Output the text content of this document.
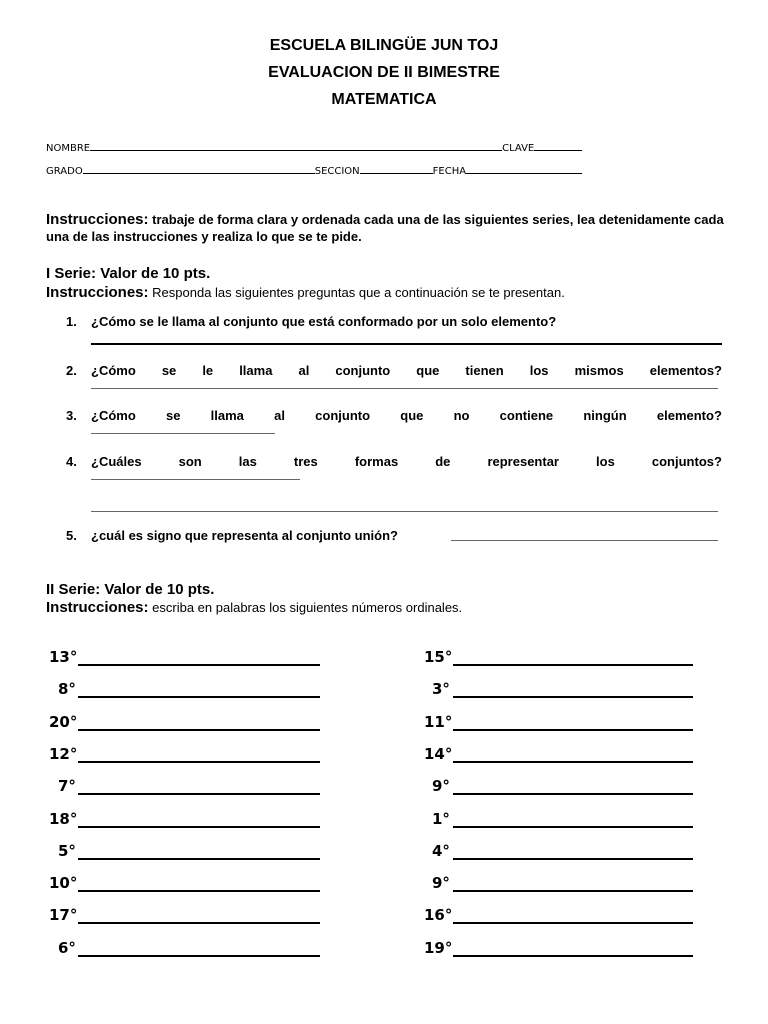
ESCUELA BILINGÜE JUN TOJ
EVALUACION DE II BIMESTRE
MATEMATICA
NOMBRE	CLAVE
GRADO	SECCION	FECHA
Instrucciones: trabaje de forma clara y ordenada cada una de las siguientes series, lea detenidamente cada una de las instrucciones y realiza lo que se te pide.
I Serie: Valor de 10 pts.
Instrucciones: Responda las siguientes preguntas que a continuación se te presentan.
1.	¿Cómo se le llama al conjunto que está conformado por un solo elemento?
2.	¿Cómo se le llama al conjunto que tienen los mismos elementos?
3.	¿Cómo se llama al conjunto que no contiene ningún elemento?
4.	¿Cuáles	son	las	tres	formas	de	representar	los	conjuntos?
5.	¿cuál es signo que representa al conjunto unión?
II Serie: Valor de 10 pts.
Instrucciones: escriba en palabras los siguientes números ordinales.
13°
8°
20°
12°
7°
18°
5°
10°
17°
6°
15°
3°
11°
14°
9°
1°
4°
9°
16°
19°
